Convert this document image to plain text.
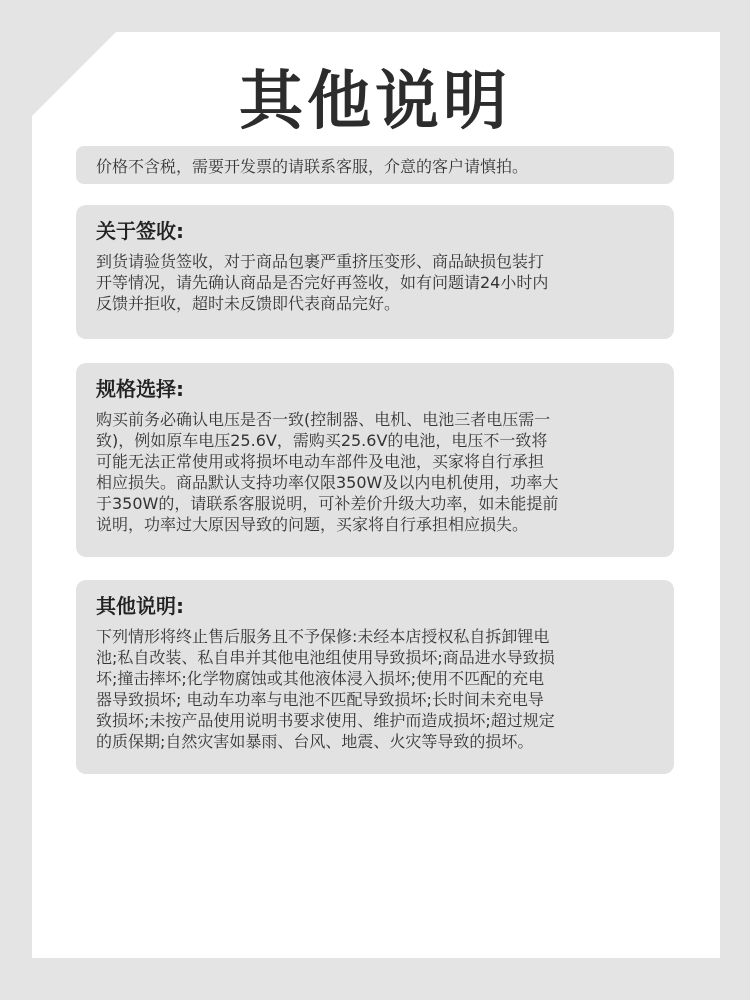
其他说明
价格不含税，需要开发票的请联系客服，介意的客户请慎拍。
关于签收:

到货请验货签收，对于商品包裹严重挤压变形、商品缺损包装打
开等情况，请先确认商品是否完好再签收，如有问题请24小时内
反馈并拒收，超时未反馈即代表商品完好。

规格选择:

购买前务必确认电压是否一致(控制器、电机、电池三者电压需一
致)，例如原车电压25.6V，需购买25.6V的电池，电压不一致将
可能无法正常使用或将损坏电动车部件及电池，买家将自行承担
相应损失。商品默认支持功率仅限350W及以内电机使用，功率大
于350W的，请联系客服说明，可补差价升级大功率，如未能提前
说明，功率过大原因导致的问题，买家将自行承担相应损失。

其他说明:

下列情形将终止售后服务且不予保修:未经本店授权私自拆卸锂电
池;私自改装、私自串并其他电池组使用导致损坏;商品进水导致损
坏;撞击摔坏;化学物腐蚀或其他液体浸入损坏;使用不匹配的充电
器导致损坏; 电动车功率与电池不匹配导致损坏;长时间未充电导
致损坏;未按产品使用说明书要求使用、维护而造成损坏;超过规定
的质保期;自然灾害如暴雨、台风、地震、火灾等导致的损坏。
